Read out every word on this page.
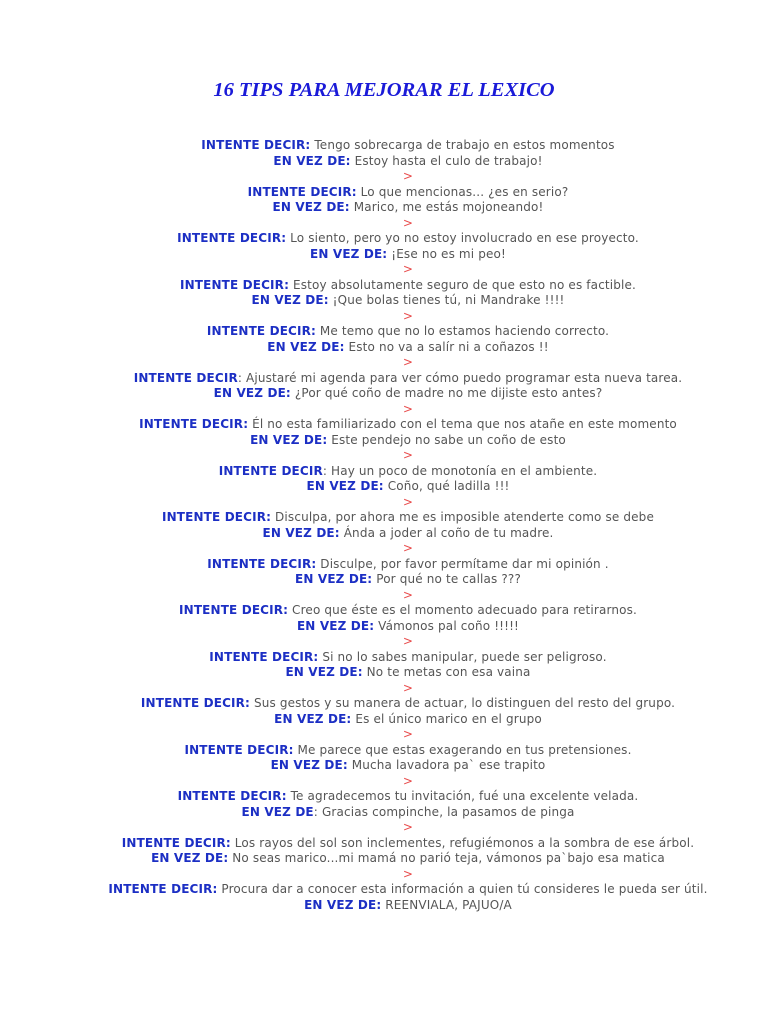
16 TIPS PARA MEJORAR EL LEXICO
INTENTE DECIR: Tengo sobrecarga de trabajo en estos momentos
EN VEZ DE: Estoy hasta el culo de trabajo!
>
INTENTE DECIR: Lo que mencionas... ¿es en serio?
EN VEZ DE: Marico, me estás mojoneando!
>
INTENTE DECIR: Lo siento, pero yo no estoy involucrado en ese proyecto.
EN VEZ DE: ¡Ese no es mi peo!
>
INTENTE DECIR: Estoy absolutamente seguro de que esto no es factible.
EN VEZ DE: ¡Que bolas tienes tú, ni Mandrake !!!!
>
INTENTE DECIR: Me temo que no lo estamos haciendo correcto.
EN VEZ DE: Esto no va a salír ni a coñazos !!
>
INTENTE DECIR: Ajustaré mi agenda para ver cómo puedo programar esta nueva tarea.
EN VEZ DE: ¿Por qué coño de madre no me dijiste esto antes?
>
INTENTE DECIR: Él no esta familiarizado con el tema que nos atañe en este momento
EN VEZ DE: Este pendejo no sabe un coño de esto
>
INTENTE DECIR: Hay un poco de monotonía en el ambiente.
EN VEZ DE: Coño, qué ladilla !!!
>
INTENTE DECIR: Disculpa, por ahora me es imposible atenderte como se debe
EN VEZ DE: Ánda a joder al coño de tu madre.
>
INTENTE DECIR: Disculpe, por favor permítame dar mi opinión .
EN VEZ DE: Por qué no te callas ???
>
INTENTE DECIR: Creo que éste es el momento adecuado para retirarnos.
EN VEZ DE: Vámonos pal coño !!!!!
>
INTENTE DECIR: Si no lo sabes manipular, puede ser peligroso.
EN VEZ DE: No te metas con esa vaina
>
INTENTE DECIR: Sus gestos y su manera de actuar, lo distinguen del resto del grupo.
EN VEZ DE: Es el único marico en el grupo
>
INTENTE DECIR: Me parece que estas exagerando en tus pretensiones.
EN VEZ DE: Mucha lavadora pa` ese trapito
>
INTENTE DECIR: Te agradecemos tu invitación, fué una excelente velada.
EN VEZ DE: Gracias compinche, la pasamos de pinga
>
INTENTE DECIR: Los rayos del sol son inclementes, refugiémonos a la sombra de ese árbol.
EN VEZ DE: No seas marico...mi mamá no parió teja, vámonos pa`bajo esa matica
>
INTENTE DECIR: Procura dar a conocer esta información a quien tú consideres le pueda ser útil.
EN VEZ DE: REENVIALA, PAJUO/A
